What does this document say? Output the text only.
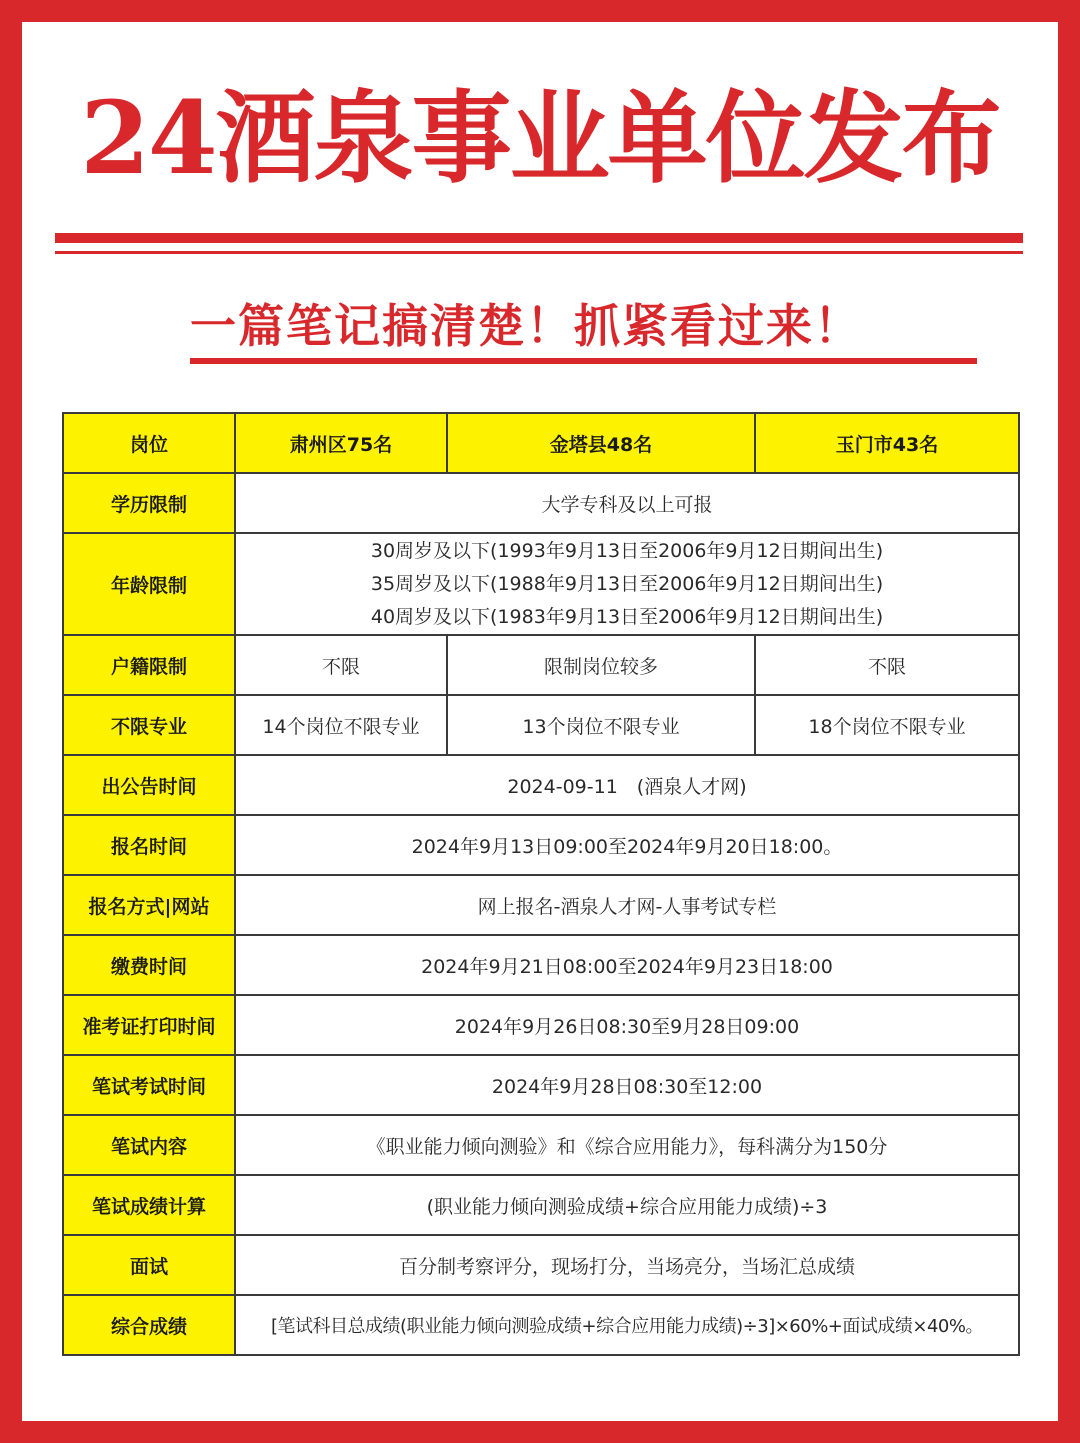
24酒泉事业单位发布
一篇笔记搞清楚！抓紧看过来！
岗位	肃州区75名	金塔县48名	玉门市43名
学历限制	大学专科及以上可报		
年龄限制	30周岁及以下(1993年9月13日至2006年9月12日期间出生)
35周岁及以下(1988年9月13日至2006年9月12日期间出生)
40周岁及以下(1983年9月13日至2006年9月12日期间出生)		

户籍限制	不限	限制岗位较多	不限
不限专业	14个岗位不限专业	13个岗位不限专业	18个岗位不限专业
出公告时间	2024-09-11　(酒泉人才网)		
报名时间	2024年9月13日09:00至2024年9月20日18:00。		
报名方式|网站	网上报名-酒泉人才网-人事考试专栏		
缴费时间	2024年9月21日08:00至2024年9月23日18:00		
准考证打印时间	2024年9月26日08:30至9月28日09:00		
笔试考试时间	2024年9月28日08:30至12:00		
笔试内容	《职业能力倾向测验》和《综合应用能力》，每科满分为150分		
笔试成绩计算	(职业能力倾向测验成绩+综合应用能力成绩)÷3		
面试	百分制考察评分，现场打分，当场亮分，当场汇总成绩		
综合成绩	[笔试科目总成绩(职业能力倾向测验成绩+综合应用能力成绩)÷3]×60%+面试成绩×40%。		
